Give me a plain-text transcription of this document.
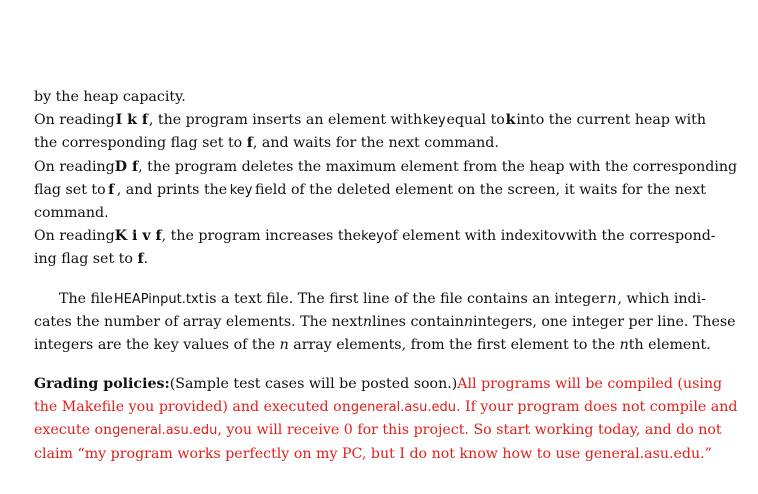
by the heap capacity.
On reading I k f , the program inserts an element with key equal to k into the current heap with
the corresponding flag set to
f , and waits for the next command.
On reading D f , the program deletes the maximum element from the heap with the corresponding
flag set to f , and prints the key field of the deleted element on the screen, it waits for the next
command.
On reading K i v f , the program increases the key of element with index i to v with the correspond-
ing flag set to
f .
The file HEAPinput.txt is a text file. The first line of the file contains an integer n , which indi-
cates the number of array elements. The next n lines contain n integers, one integer per line. These
integers are the key values of the
n
array elements, from the first element to the
n th element.
Grading policies: (Sample test cases will be posted soon.) All programs will be compiled (using
the Makefile you provided) and executed on general.asu.edu . If your program does not compile and
execute on general.asu.edu , you will receive 0 for this project. So start working today, and do not
claim “my program works perfectly on my PC, but I do not know how to use general.asu.edu.”
